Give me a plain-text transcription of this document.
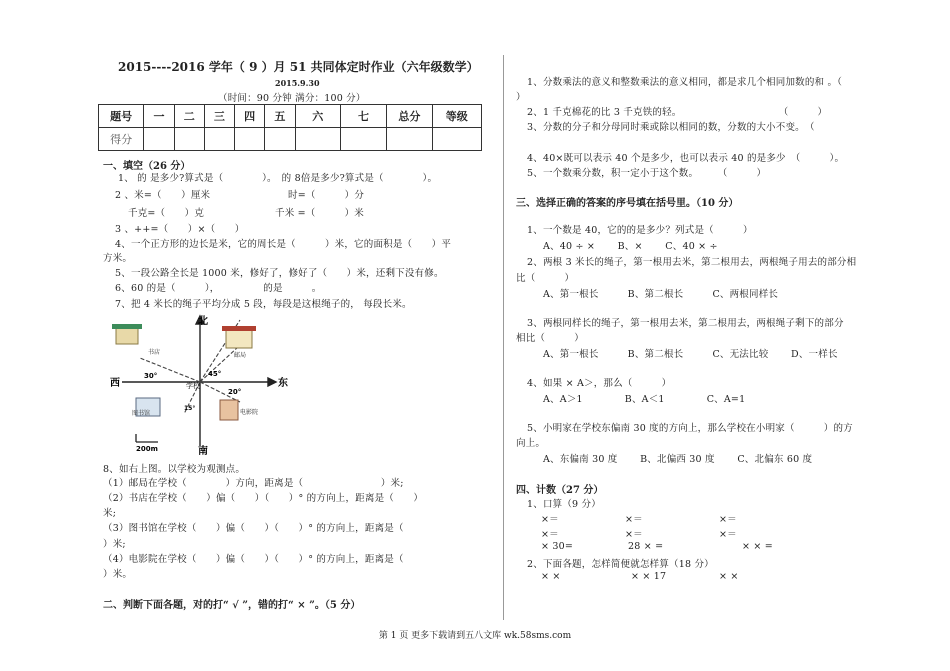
2015----2016 学年（ 9 ）月 51 共同体定时作业（六年级数学）
2015.9.30
（时间：90 分钟 满分：100 分）
题号	一	二	三	四	五	六	七	总分	等级
得分									
一、填空（26 分）
1、 的 是多少?算式是（　　　　）。　的 8倍是多少?算式是（　　　　）。
2 、米=（　　）厘米	时=（　　　）分
千克=（　　）克	千米 =（　　　）米
3 、++=（　　）×（　　）
4、一个正方形的边长是米，它的周长是（　　　）米，它的面积是（　　）平
方米。
5、一段公路全长是 1000 米，修好了，修好了（　　）米，还剩下没有修。
6、60 的是（　　　），　　　　　的是　　　。
7、把 4 米长的绳子平均分成 5 段，每段是这根绳子的， 每段长米。
书店	邮局
图书馆	电影院
北
南
西	东
学校
30°	45°
20°
15°
200m
8、如右上图。以学校为观测点。
（1）邮局在学校（　　　　）方向，距离是（　　　　　　　　）米;
（2）书店在学校（　　）偏（　　）（　　）° 的方向上，距离是（　　）
米;
（3）图书馆在学校（　　）偏（　　）（　　）° 的方向上，距离是（　　
）米;
（4）电影院在学校（　　）偏（　　）（　　）° 的方向上，距离是（　
）米。
二、判断下面各题，对的打“ √ ”，错的打“ × ”。（5 分）
1、分数乘法的意义和整数乘法的意义相同，都是求几个相同加数的和 。（
）
2、1 千克棉花的比 3 千克铁的轻。　　　　　　　　　　　（　　　）
3、分数的分子和分母同时乘或除以相同的数，分数的大小不变。　（
4、40×既可以表示 40 个是多少，也可以表示 40 的是多少　（　　　）。
5、一个数乘分数，积一定小于这个数。　　　（　　　）
三、选择正确的答案的序号填在括号里。（10 分）
1、一个数是 40，它的的是多少？列式是（　　　）
A、40 ÷ ×　　 B、×　　 C、40 × ÷
2、两根 3 米长的绳子，第一根用去米，第二根用去，两根绳子用去的部分相
比（　　　）
A、第一根长　　　B、第二根长　　　C、两根同样长
3、两根同样长的绳子，第一根用去米，第二根用去，两根绳子剩下的部分
相比（　　　）
A、第一根长　　　B、第二根长　　　C、无法比较　　 D、一样长
4、如果 × A＞，那么（　　　）
A、A＞1　　　　 B、A＜1　　　　 C、A=1
5、小明家在学校东偏南 30 度的方向上，那么学校在小明家（　　　）的方
向上。
A、东偏南 30 度　　 B、北偏西 30 度　　 C、北偏东 60 度
四、计数（27 分）
1、口算（9 分）
×＝	×＝	×＝
×＝	×＝	×＝
× 30=	28 × =	× × =
2、下面各题，怎样简便就怎样算（18 分）
× ×	× × 17	× ×
第 1 页 更多下载请到五八文库 wk.58sms.com
